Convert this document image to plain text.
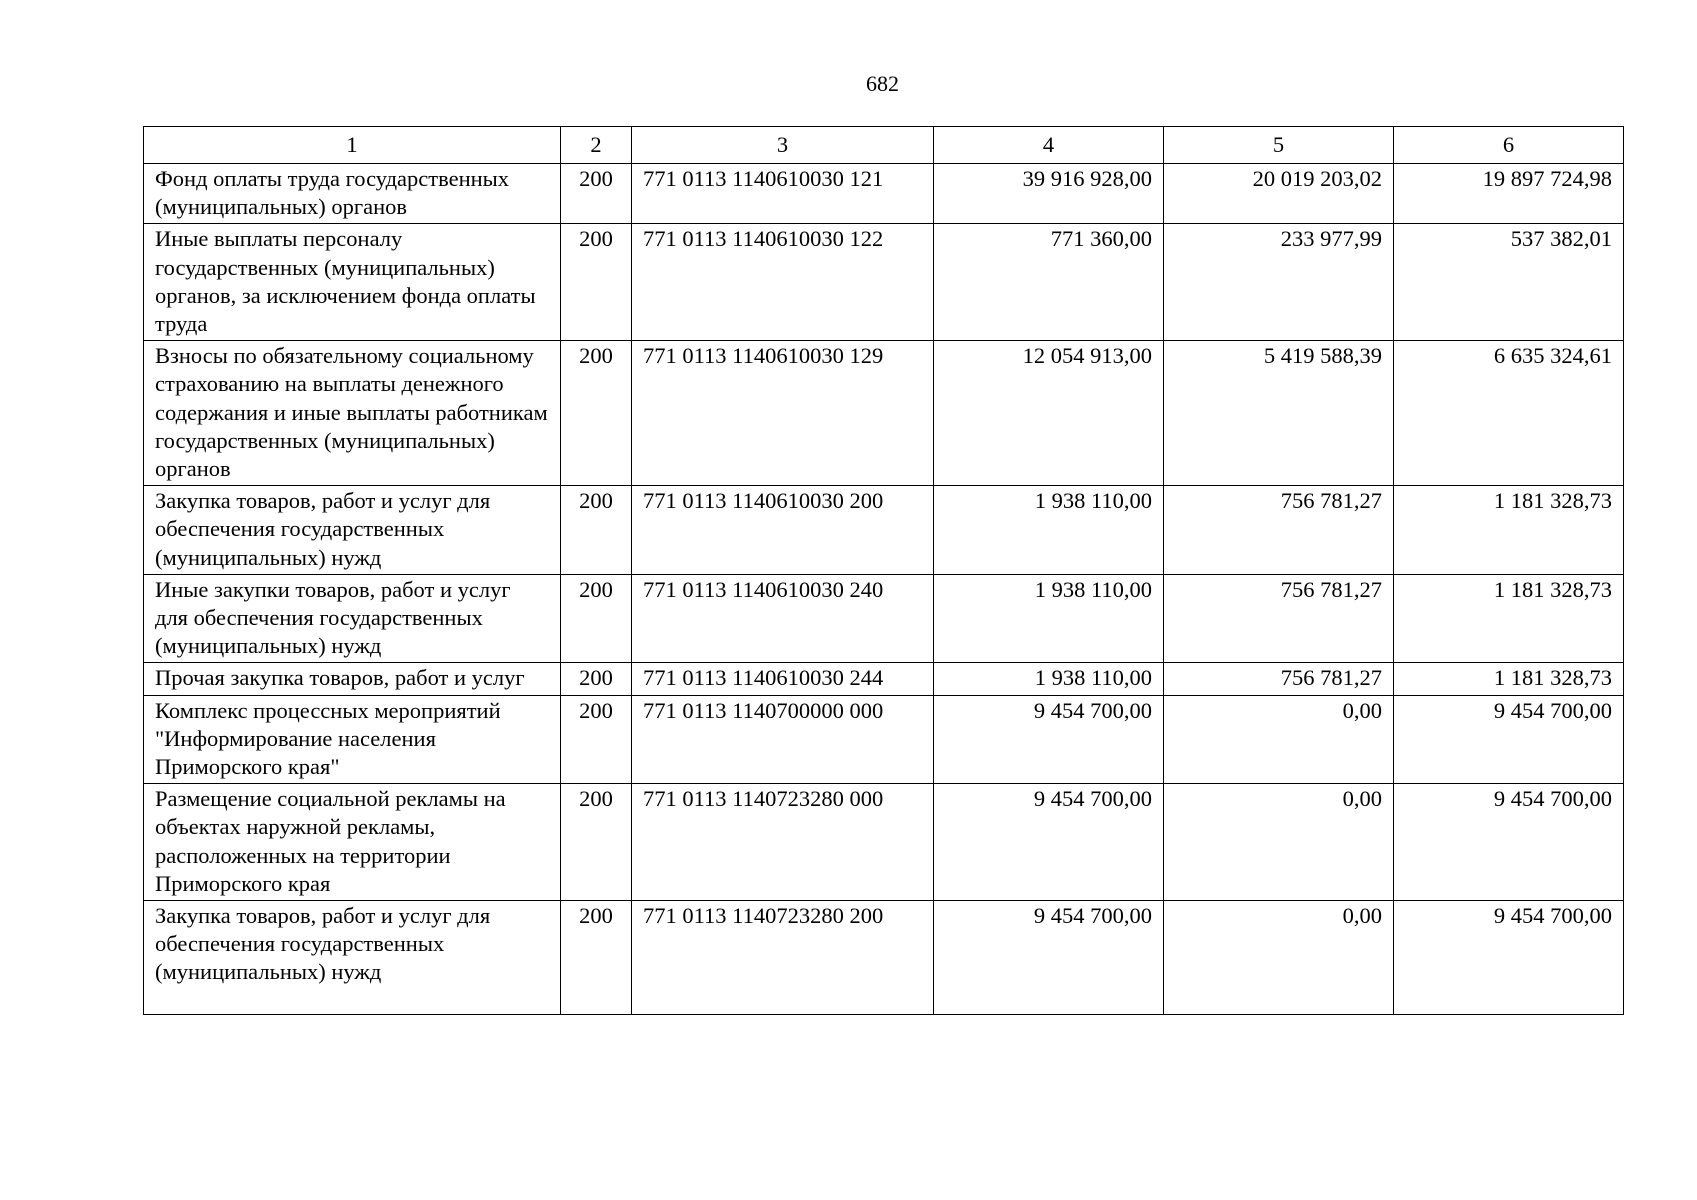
682
1	2	3	4	5	6
Фонд оплаты труда государственных (муниципальных) органов	200	771 0113 1140610030 121	39 916 928,00	20 019 203,02	19 897 724,98
Иные выплаты персоналу государственных (муниципальных) органов, за исключением фонда оплаты труда	200	771 0113 1140610030 122	771 360,00	233 977,99	537 382,01
Взносы по обязательному социальному страхованию на выплаты денежного содержания и иные выплаты работникам государственных (муниципальных) органов	200	771 0113 1140610030 129	12 054 913,00	5 419 588,39	6 635 324,61
Закупка товаров, работ и услуг для обеспечения государственных (муниципальных) нужд	200	771 0113 1140610030 200	1 938 110,00	756 781,27	1 181 328,73
Иные закупки товаров, работ и услуг для обеспечения государственных (муниципальных) нужд	200	771 0113 1140610030 240	1 938 110,00	756 781,27	1 181 328,73
Прочая закупка товаров, работ и услуг	200	771 0113 1140610030 244	1 938 110,00	756 781,27	1 181 328,73
Комплекс процессных мероприятий "Информирование населения Приморского края"	200	771 0113 1140700000 000	9 454 700,00	0,00	9 454 700,00
Размещение социальной рекламы на объектах наружной рекламы, расположенных на территории Приморского края	200	771 0113 1140723280 000	9 454 700,00	0,00	9 454 700,00
Закупка товаров, работ и услуг для обеспечения государственных (муниципальных) нужд	200	771 0113 1140723280 200	9 454 700,00	0,00	9 454 700,00
